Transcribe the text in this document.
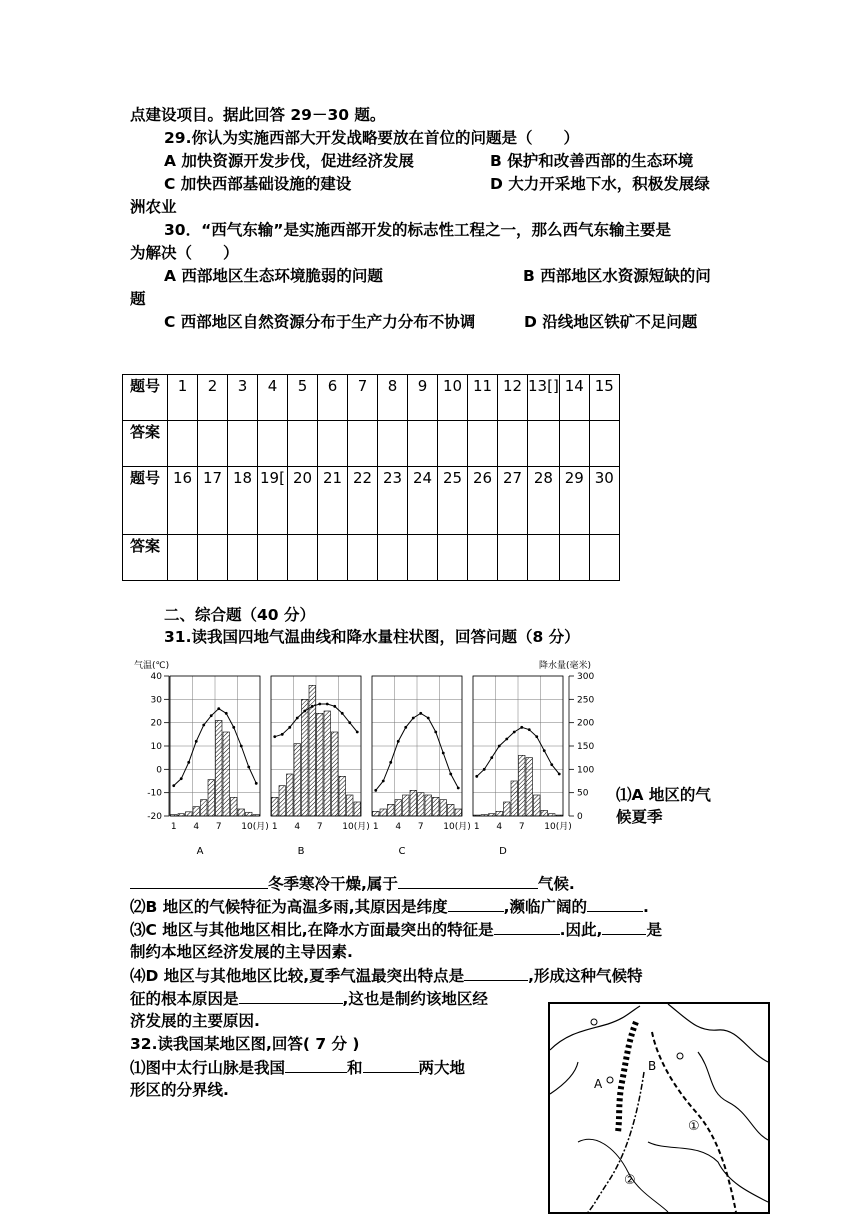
点建设项目。据此回答 29－30 题。
29.你认为实施西部大开发战略要放在首位的问题是（　　）
A 加快资源开发步伐，促进经济发展	B 保护和改善西部的生态环境
C 加快西部基础设施的建设	D 大力开采地下水，积极发展绿
洲农业
30．“西气东输”是实施西部开发的标志性工程之一，那么西气东输主要是
为解决（　　）
A 西部地区生态环境脆弱的问题	B 西部地区水资源短缺的问
题
C 西部地区自然资源分布于生产力分布不协调	D 沿线地区铁矿不足问题
题号	1	2	3	4	5	6	7	8	9	10	11	12	13[]	14	15
答案															
题号	16	17	18	19[	20	21	22	23	24	25	26	27	28	29	30
答案															
二、综合题（40 分）
31.读我国四地气温曲线和降水量柱状图，回答问题（8 分）
气温(℃)	降水量(毫米)
40
30
20
10
0
-10
-20
300
250
200
150
100
50
0
1 4 7 10(月)
A
1 4 7 10(月)
B
1 4 7 10(月)
C
1 4 7 10(月)
D
⑴A 地区的气
候夏季
冬季寒冷干燥,属于	气候.
⑵B 地区的气候特征为高温多雨,其原因是纬度	,濒临广阔的	.
⑶C 地区与其他地区相比,在降水方面最突出的特征是	.因此,	是
制约本地区经济发展的主导因素.
⑷D 地区与其他地区比较,夏季气温最突出特点是	,形成这种气候特
征的根本原因是	,这也是制约该地区经
济发展的主要原因.
32.读我国某地区图,回答( 7 分 )
⑴图中太行山脉是我国	和	两大地
形区的分界线.	A
B
①
②
